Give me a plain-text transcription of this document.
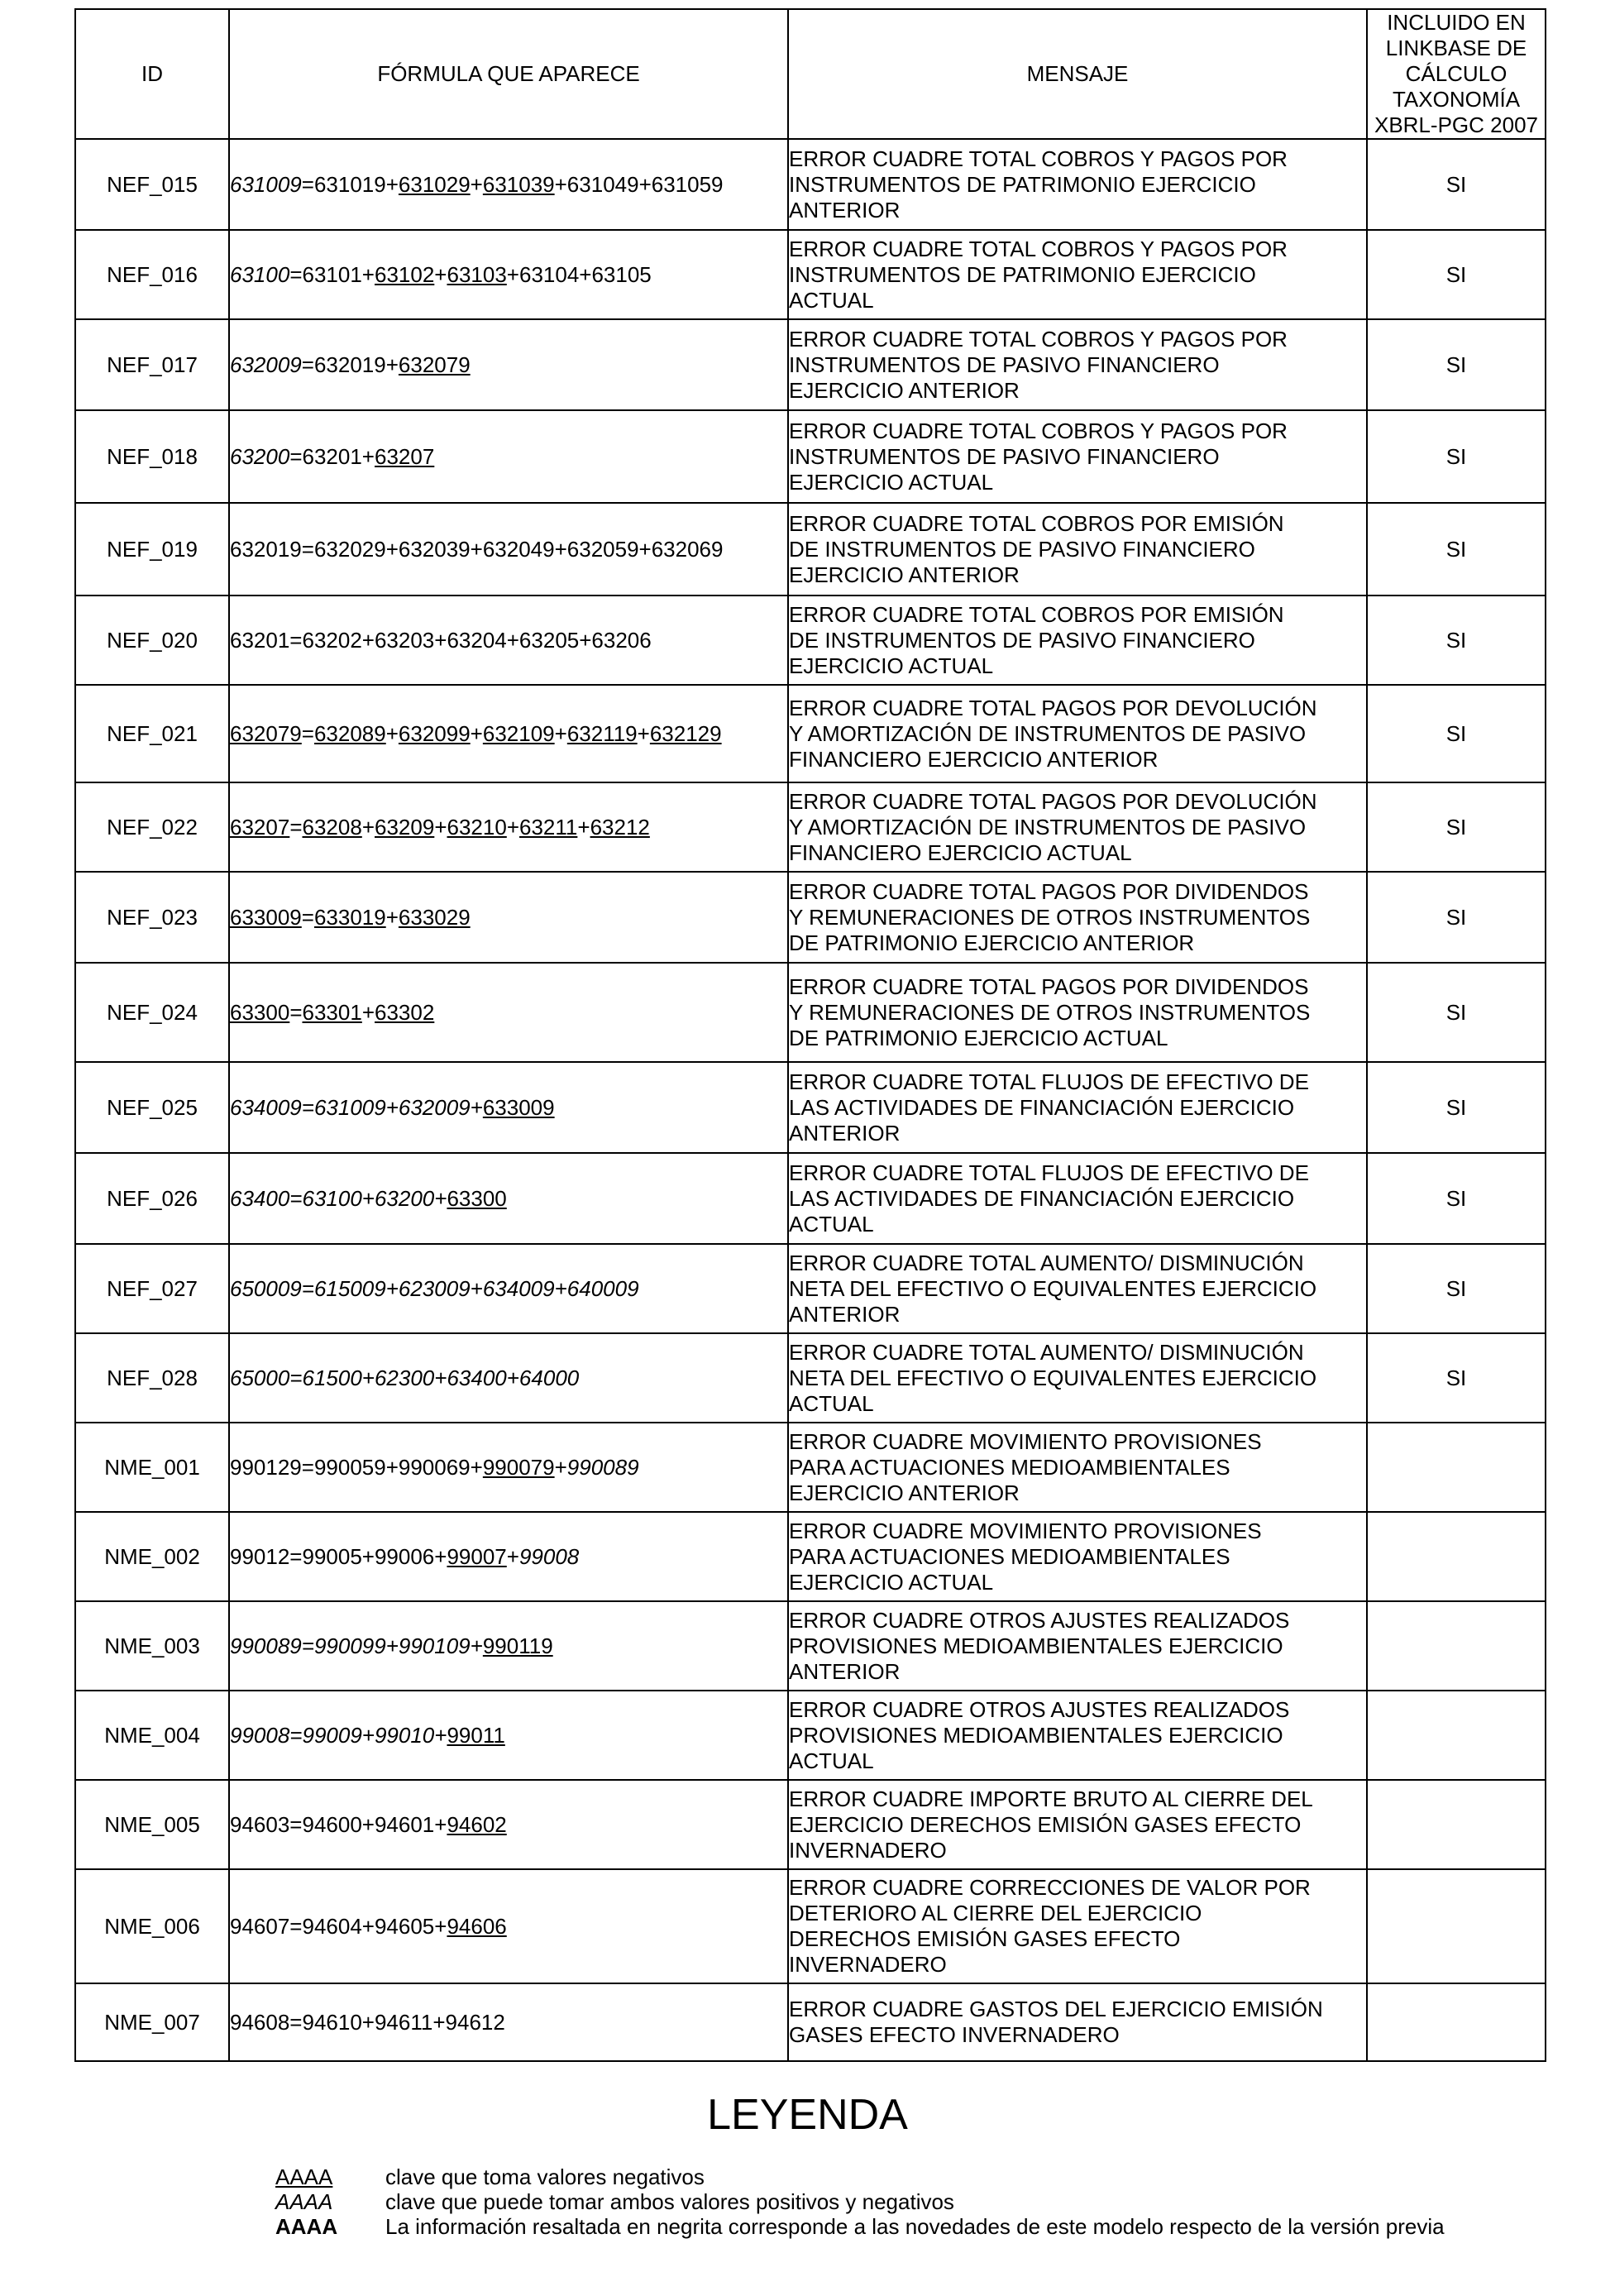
ID	FÓRMULA QUE APARECE	MENSAJE	INCLUIDO EN
LINKBASE DE
CÁLCULO
TAXONOMÍA
XBRL-PGC 2007

NEF_015	631009=631019+631029+631039+631049+631059	ERROR CUADRE TOTAL COBROS Y PAGOS POR
INSTRUMENTOS DE PATRIMONIO EJERCICIO
ANTERIOR	SI
NEF_016	63100=63101+63102+63103+63104+63105	ERROR CUADRE TOTAL COBROS Y PAGOS POR
INSTRUMENTOS DE PATRIMONIO EJERCICIO
ACTUAL	SI
NEF_017	632009=632019+632079	ERROR CUADRE TOTAL COBROS Y PAGOS POR
INSTRUMENTOS DE PASIVO FINANCIERO
EJERCICIO ANTERIOR	SI
NEF_018	63200=63201+63207	ERROR CUADRE TOTAL COBROS Y PAGOS POR
INSTRUMENTOS DE PASIVO FINANCIERO
EJERCICIO ACTUAL	SI
NEF_019	632019=632029+632039+632049+632059+632069	ERROR CUADRE TOTAL COBROS POR EMISIÓN
DE INSTRUMENTOS DE PASIVO FINANCIERO
EJERCICIO ANTERIOR	SI
NEF_020	63201=63202+63203+63204+63205+63206	ERROR CUADRE TOTAL COBROS POR EMISIÓN
DE INSTRUMENTOS DE PASIVO FINANCIERO
EJERCICIO ACTUAL	SI
NEF_021	632079=632089+632099+632109+632119+632129	ERROR CUADRE TOTAL PAGOS POR DEVOLUCIÓN
Y AMORTIZACIÓN DE INSTRUMENTOS DE PASIVO
FINANCIERO EJERCICIO ANTERIOR	SI
NEF_022	63207=63208+63209+63210+63211+63212	ERROR CUADRE TOTAL PAGOS POR DEVOLUCIÓN
Y AMORTIZACIÓN DE INSTRUMENTOS DE PASIVO
FINANCIERO EJERCICIO ACTUAL	SI
NEF_023	633009=633019+633029	ERROR CUADRE TOTAL PAGOS POR DIVIDENDOS
Y REMUNERACIONES DE OTROS INSTRUMENTOS
DE PATRIMONIO EJERCICIO ANTERIOR	SI
NEF_024	63300=63301+63302	ERROR CUADRE TOTAL PAGOS POR DIVIDENDOS
Y REMUNERACIONES DE OTROS INSTRUMENTOS
DE PATRIMONIO EJERCICIO ACTUAL	SI
NEF_025	634009=631009+632009+633009	ERROR CUADRE TOTAL FLUJOS DE EFECTIVO DE
LAS ACTIVIDADES DE FINANCIACIÓN EJERCICIO
ANTERIOR	SI
NEF_026	63400=63100+63200+63300	ERROR CUADRE TOTAL FLUJOS DE EFECTIVO DE
LAS ACTIVIDADES DE FINANCIACIÓN EJERCICIO
ACTUAL	SI
NEF_027	650009=615009+623009+634009+640009	ERROR CUADRE TOTAL AUMENTO/ DISMINUCIÓN
NETA DEL EFECTIVO O EQUIVALENTES EJERCICIO
ANTERIOR	SI
NEF_028	65000=61500+62300+63400+64000	ERROR CUADRE TOTAL AUMENTO/ DISMINUCIÓN
NETA DEL EFECTIVO O EQUIVALENTES EJERCICIO
ACTUAL	SI
NME_001	990129=990059+990069+990079+990089	ERROR CUADRE MOVIMIENTO PROVISIONES
PARA ACTUACIONES MEDIOAMBIENTALES
EJERCICIO ANTERIOR	

NME_002	99012=99005+99006+99007+99008	ERROR CUADRE MOVIMIENTO PROVISIONES
PARA ACTUACIONES MEDIOAMBIENTALES
EJERCICIO ACTUAL	

NME_003	990089=990099+990109+990119	ERROR CUADRE OTROS AJUSTES REALIZADOS
PROVISIONES MEDIOAMBIENTALES EJERCICIO
ANTERIOR	

NME_004	99008=99009+99010+99011	ERROR CUADRE OTROS AJUSTES REALIZADOS
PROVISIONES MEDIOAMBIENTALES EJERCICIO
ACTUAL	

NME_005	94603=94600+94601+94602	ERROR CUADRE IMPORTE BRUTO AL CIERRE DEL
EJERCICIO DERECHOS EMISIÓN GASES EFECTO
INVERNADERO	

NME_006	94607=94604+94605+94606	ERROR CUADRE CORRECCIONES DE VALOR POR
DETERIORO AL CIERRE DEL EJERCICIO
DERECHOS EMISIÓN GASES EFECTO
INVERNADERO	

NME_007	94608=94610+94611+94612	ERROR CUADRE GASTOS DEL EJERCICIO EMISIÓN
GASES EFECTO INVERNADERO	

LEYENDA
AAAA clave que toma valores negativos
AAAA clave que puede tomar ambos valores positivos y negativos
AAAA La información resaltada en negrita corresponde a las novedades de este modelo respecto de la versión previa
